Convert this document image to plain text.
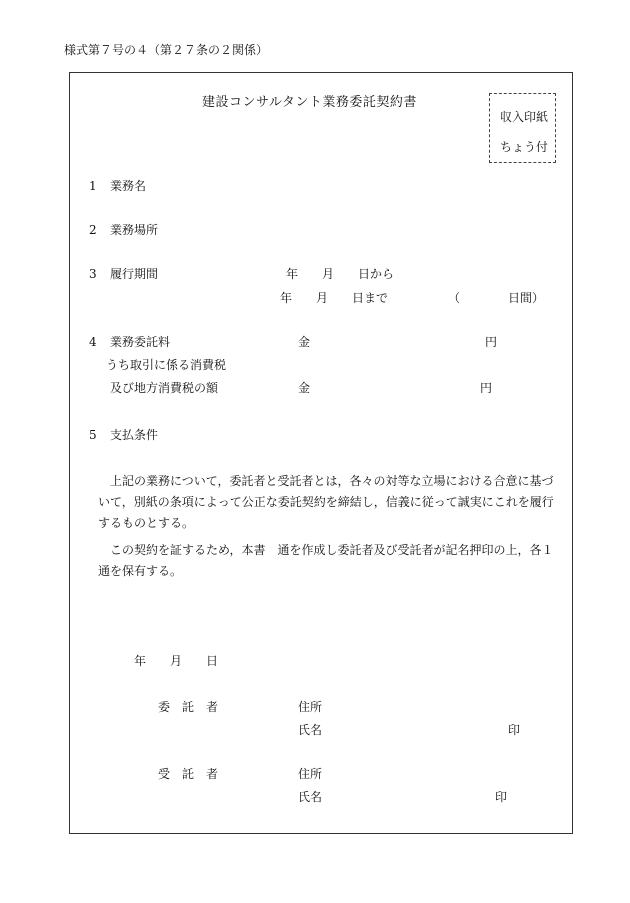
様式第７号の４（第２７条の２関係）
建設コンサルタント業務委託契約書
収入印紙
ちょう付
1 業務名
2 業務場所
3 履行期間	年　　月　　日から
年　　月　　日まで	（　　　　日間）
4 業務委託料	金	円
うち取引に係る消費税
及び地方消費税の額	金	円
5 支払条件
上記の業務について，委託者と受託者とは，各々の対等な立場における合意に基づいて，別紙の条項によって公正な委託契約を締結し，信義に従って誠実にこれを履行するものとする。
この契約を証するため，本書　通を作成し委託者及び受託者が記名押印の上，各１通を保有する。
年　　月　　日
委　託　者	住所
氏名	印
受　託　者	住所
氏名	印
